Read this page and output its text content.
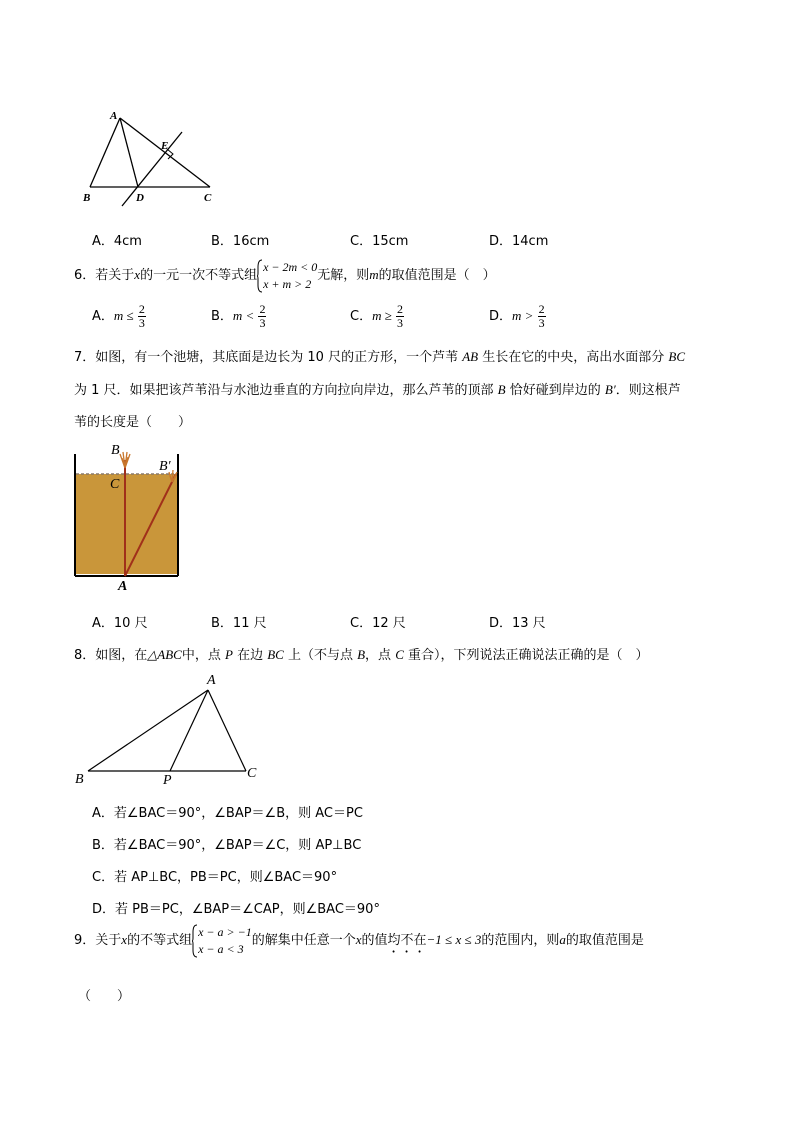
A
B	C
D
E
A．4cm	B．16cm	C．15cm	D．14cm
6．若关于x的一元一次不等式组
x − 2m < 0
x + m > 2
无解，则m的取值范围是（　）
A．$m \le \frac{2}{3}$	B．$m < \frac{2}{3}$	C．$m \ge \frac{2}{3}$	D．$m > \frac{2}{3}$
7．如图，有一个池塘，其底面是边长为 10 尺的正方形，一个芦苇 AB 生长在它的中央，高出水面部分 BC
为 1 尺．如果把该芦苇沿与水池边垂直的方向拉向岸边，那么芦苇的顶部 B 恰好碰到岸边的 B′．则这根芦
苇的长度是（　　）
B
C
B′
A
A．10 尺	B．11 尺	C．12 尺	D．13 尺
8．如图，在△ABC中，点 P 在边 BC 上（不与点 B，点 C 重合），下列说法正确说法正确的是（　）
A
B	P	C
A．若∠BAC＝90°，∠BAP＝∠B，则 AC＝PC
B．若∠BAC＝90°，∠BAP＝∠C，则 AP⊥BC
C．若 AP⊥BC，PB＝PC，则∠BAC＝90°
D．若 PB＝PC，∠BAP＝∠CAP，则∠BAC＝90°
9．关于x的不等式组
x − a > −1
x − a < 3
的解集中任意一个x的值均不在−1 ≤ x ≤ 3的范围内，则a的取值范围是
（　　）
